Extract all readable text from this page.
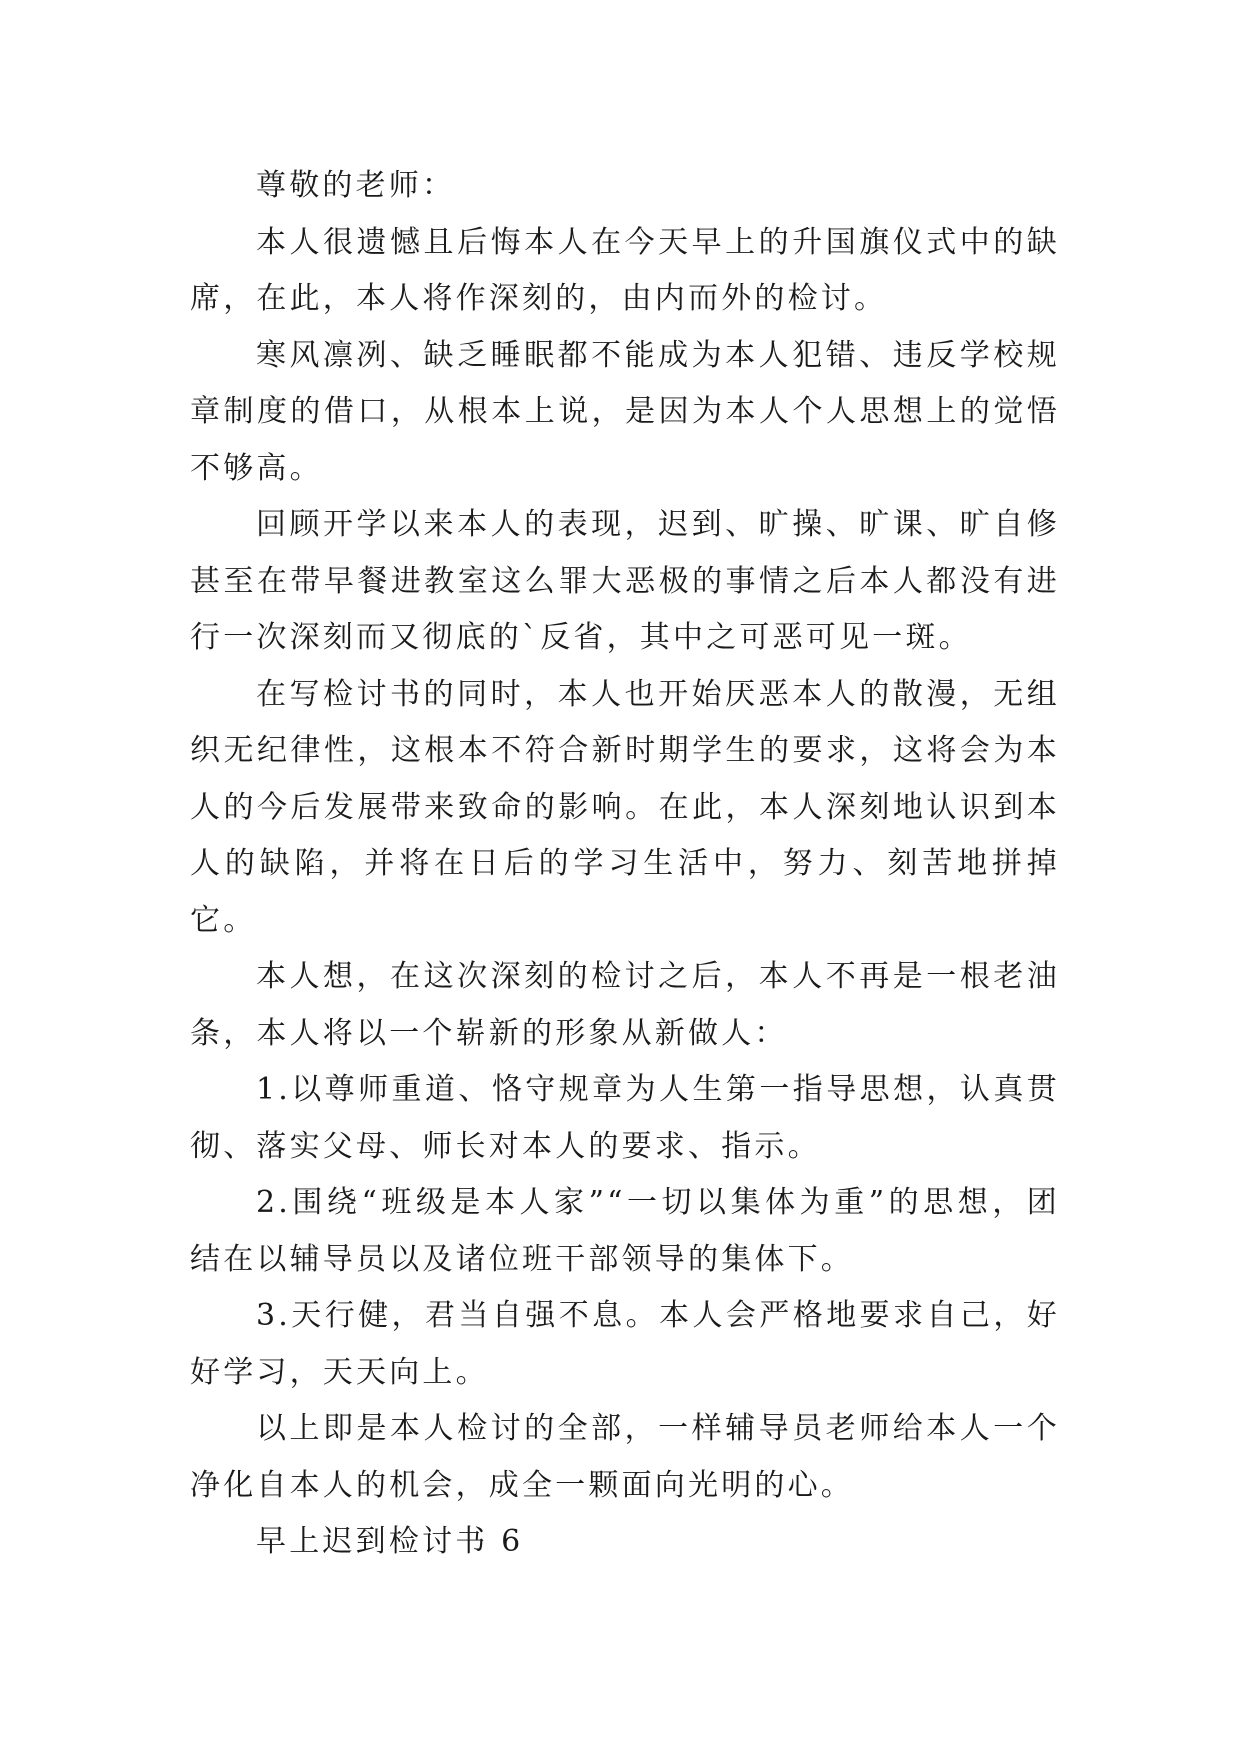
尊敬的老师：

本人很遗憾且后悔本人在今天早上的升国旗仪式中的缺席，在此，本人将作深刻的，由内而外的检讨。

寒风凛冽、缺乏睡眠都不能成为本人犯错、违反学校规章制度的借口，从根本上说，是因为本人个人思想上的觉悟不够高。

回顾开学以来本人的表现，迟到、旷操、旷课、旷自修甚至在带早餐进教室这么罪大恶极的事情之后本人都没有进行一次深刻而又彻底的`反省，其中之可恶可见一斑。

在写检讨书的同时，本人也开始厌恶本人的散漫，无组织无纪律性，这根本不符合新时期学生的要求，这将会为本人的今后发展带来致命的影响。在此，本人深刻地认识到本人的缺陷，并将在日后的学习生活中，努力、刻苦地拼掉它。

本人想，在这次深刻的检讨之后，本人不再是一根老油条，本人将以一个崭新的形象从新做人：

1.以尊师重道、恪守规章为人生第一指导思想，认真贯彻、落实父母、师长对本人的要求、指示。

2.围绕“班级是本人家”“一切以集体为重”的思想，团结在以辅导员以及诸位班干部领导的集体下。

3.天行健，君当自强不息。本人会严格地要求自己，好好学习，天天向上。

以上即是本人检讨的全部，一样辅导员老师给本人一个净化自本人的机会，成全一颗面向光明的心。

早上迟到检讨书 6
